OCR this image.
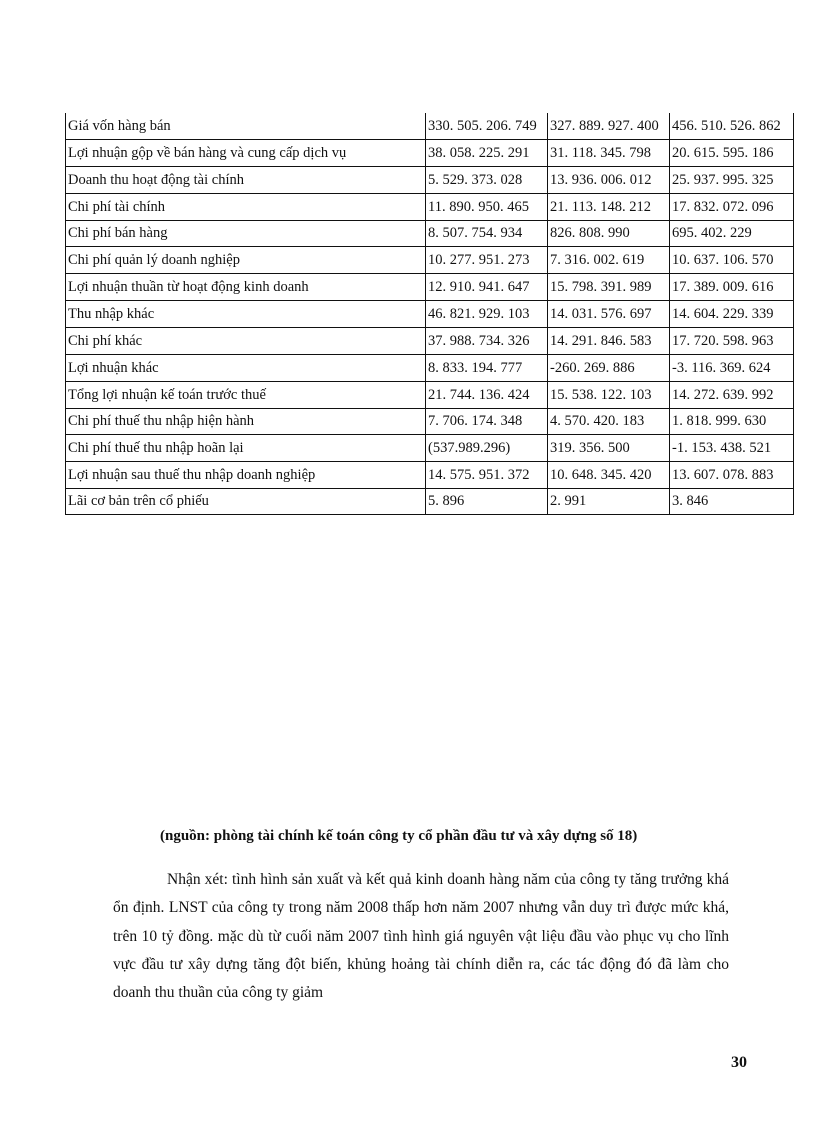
Giá vốn hàng bán	330. 505. 206. 749	327. 889. 927. 400	456. 510. 526. 862
Lợi nhuận gộp về bán hàng và cung cấp dịch vụ	38. 058. 225. 291	31. 118. 345. 798	20. 615. 595. 186
Doanh thu hoạt động tài chính	5. 529. 373. 028	13. 936. 006. 012	25. 937. 995. 325
Chi phí tài chính	11. 890. 950. 465	21. 113. 148. 212	17. 832. 072. 096
Chi phí bán hàng	8. 507. 754. 934	826. 808. 990	695. 402. 229
Chi phí quản lý doanh nghiệp	10. 277. 951. 273	7. 316. 002. 619	10. 637. 106. 570
Lợi nhuận thuần từ hoạt động kinh doanh	12. 910. 941. 647	15. 798. 391. 989	17. 389. 009. 616
Thu nhập khác	46. 821. 929. 103	14. 031. 576. 697	14. 604. 229. 339
Chi phí khác	37. 988. 734. 326	14. 291. 846. 583	17. 720. 598. 963
Lợi nhuận khác	8. 833. 194. 777	-260. 269. 886	-3. 116. 369. 624
Tổng lợi nhuận kế toán trước thuế	21. 744. 136. 424	15. 538. 122. 103	14. 272. 639. 992
Chi phí thuế thu nhập hiện hành	7. 706. 174. 348	4. 570. 420. 183	1. 818. 999. 630
Chi phí thuế thu nhập hoãn lại	(537.989.296)	319. 356. 500	-1. 153. 438. 521
Lợi nhuận sau thuế thu nhập doanh nghiệp	14. 575. 951. 372	10. 648. 345. 420	13. 607. 078. 883
Lãi cơ bản trên cổ phiếu	5. 896	2. 991	3. 846
(nguồn: phòng tài chính kế toán công ty cổ phần đầu tư và xây dựng số 18)

Nhận xét: tình hình sản xuất và kết quả kinh doanh hàng năm của công ty tăng trưởng khá ổn định. LNST của công ty trong năm 2008 thấp hơn năm 2007 nhưng vẫn duy trì được mức khá, trên 10 tỷ đồng. mặc dù từ cuối năm 2007 tình hình giá nguyên vật liệu đầu vào phục vụ cho lĩnh vực đầu tư xây dựng tăng đột biến, khủng hoảng tài chính diễn ra, các tác động đó đã làm cho doanh thu thuần của công ty giảm

30
